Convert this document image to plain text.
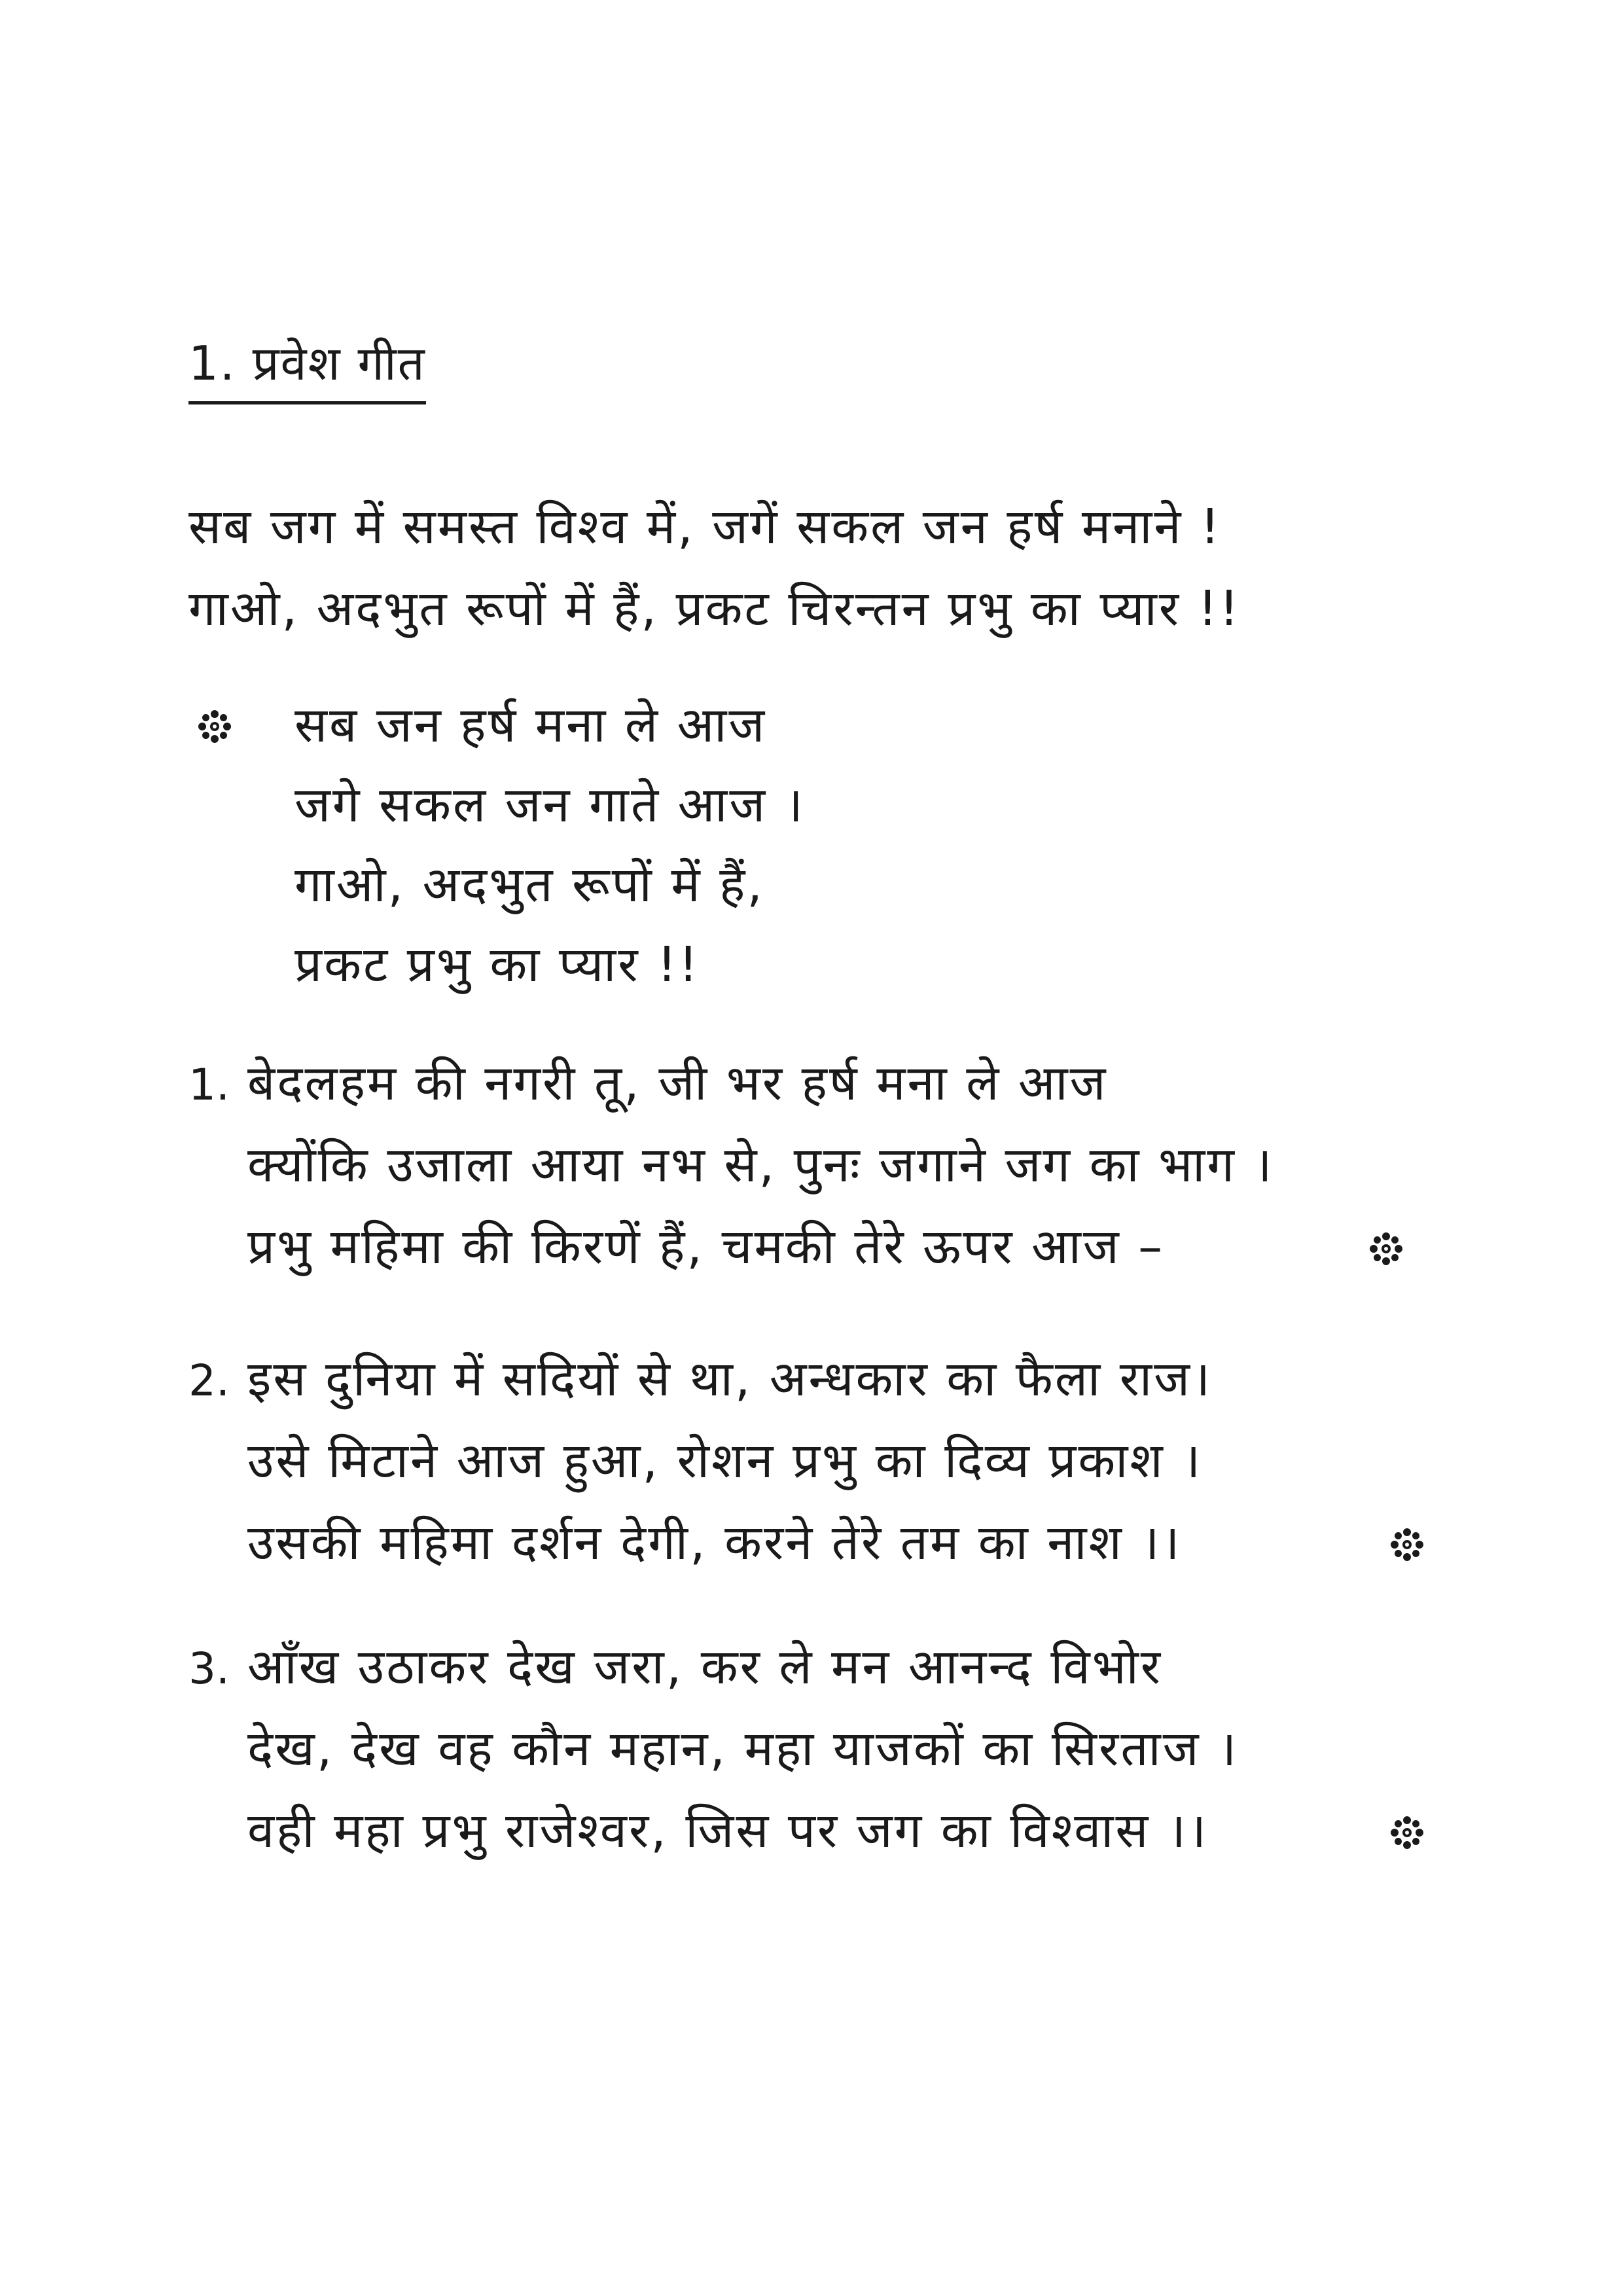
1. प्रवेश गीत
सब जग में समस्त विश्व में, जगें सकल जन हर्ष मनाने !
गाओ, अदभुत रूपों में हैं, प्रकट चिरन्तन प्रभु का प्यार !!
सब जन हर्ष मना ले आज
जगे सकल जन गाते आज ।
गाओ, अदभुत रूपों में हैं,
प्रकट प्रभु का प्यार !!
1. बेदलहम की नगरी तू, जी भर हर्ष मना ले आज
क्योंकि उजाला आया नभ से, पुनः जगाने जग का भाग ।
प्रभु महिमा की किरणें हैं, चमकी तेरे ऊपर आज –
2. इस दुनिया में सदियों से था, अन्धकार का फैला राज।
उसे मिटाने आज हुआ, रोशन प्रभु का दिव्य प्रकाश ।
उसकी महिमा दर्शन देगी, करने तेरे तम का नाश ।।
3. आँख उठाकर देख जरा, कर ले मन आनन्द विभोर
देख, देख वह कौन महान, महा याजकों का सिरताज ।
वही महा प्रभु राजेश्वर, जिस पर जग का विश्वास ।।
